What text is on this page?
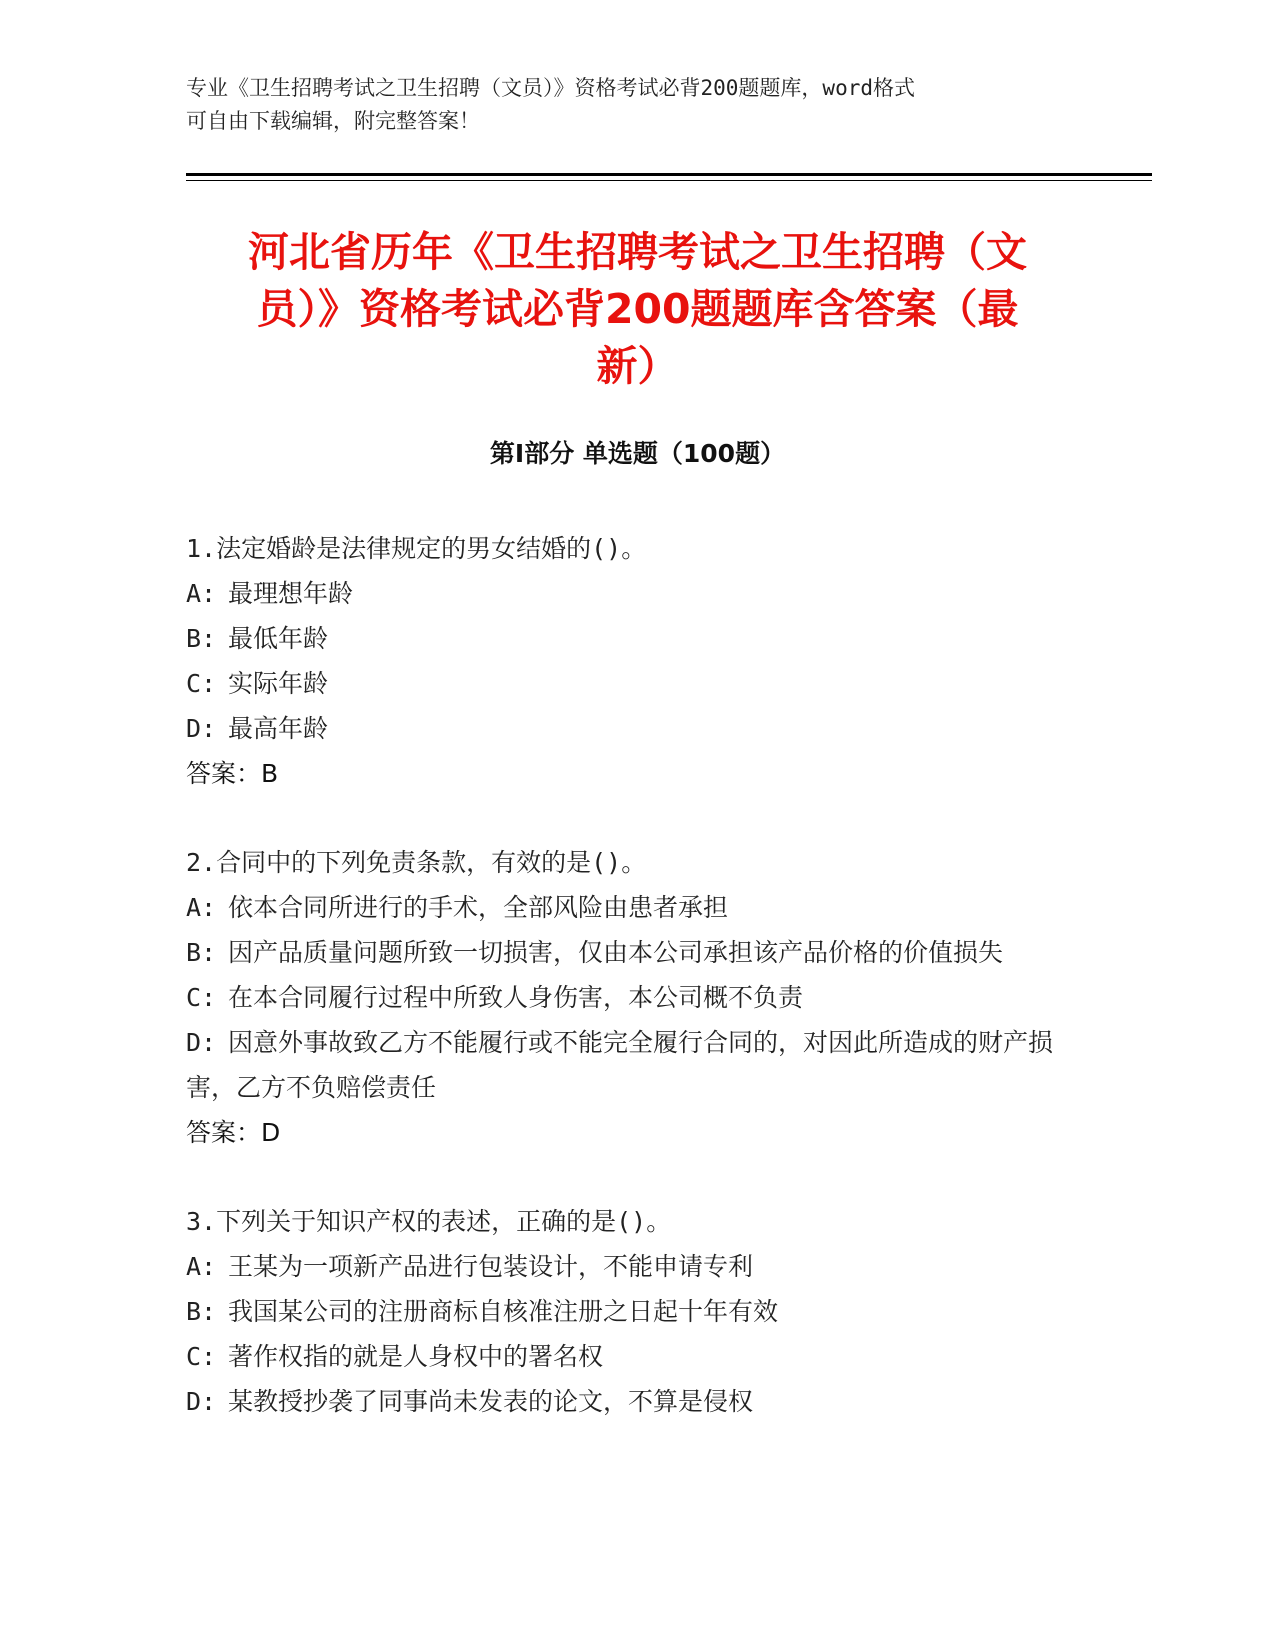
专业《卫生招聘考试之卫生招聘（文员）》资格考试必背200题题库，word格式
可自由下载编辑，附完整答案！
河北省历年《卫生招聘考试之卫生招聘（文
员）》资格考试必背200题题库含答案（最
新）
第I部分 单选题（100题）
1.法定婚龄是法律规定的男女结婚的()。
A: 最理想年龄
B: 最低年龄
C: 实际年龄
D: 最高年龄
答案：B
2.合同中的下列免责条款，有效的是()。
A: 依本合同所进行的手术，全部风险由患者承担
B: 因产品质量问题所致一切损害，仅由本公司承担该产品价格的价值损失
C: 在本合同履行过程中所致人身伤害，本公司概不负责
D: 因意外事故致乙方不能履行或不能完全履行合同的，对因此所造成的财产损害，乙方不负赔偿责任
答案：D
3.下列关于知识产权的表述，正确的是()。
A: 王某为一项新产品进行包装设计，不能申请专利
B: 我国某公司的注册商标自核准注册之日起十年有效
C: 著作权指的就是人身权中的署名权
D: 某教授抄袭了同事尚未发表的论文，不算是侵权
